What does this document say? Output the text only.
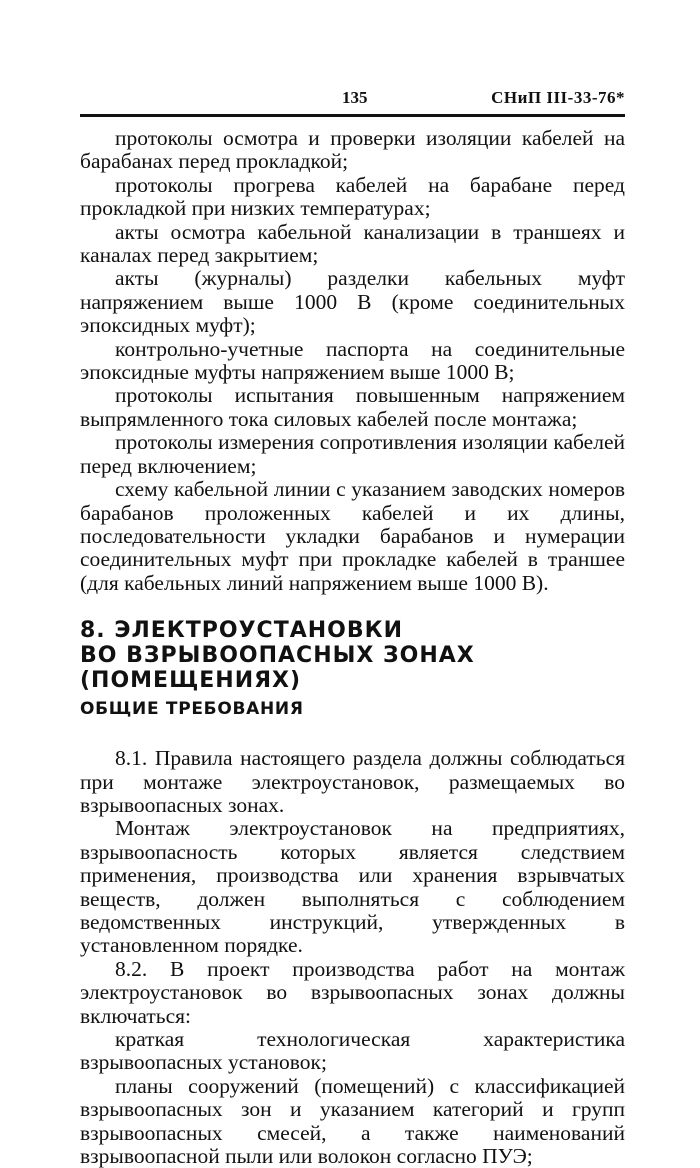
135	СНиП III-33-76*

протоколы осмотра и проверки изоляции кабелей на барабанах перед прокладкой;

протоколы прогрева кабелей на барабане перед прокладкой при низких температурах;

акты осмотра кабельной канализации в траншеях и каналах перед закрытием;

акты (журналы) разделки кабельных муфт напряжением выше 1000 В (кроме соединительных эпоксидных муфт);

контрольно-учетные паспорта на соединительные эпоксидные муфты напряжением выше 1000 В;

протоколы испытания повышенным напряжением выпрямленного тока силовых кабелей после монтажа;

протоколы измерения сопротивления изоляции кабелей перед включением;

схему кабельной линии с указанием заводских номеров барабанов проложенных кабелей и их длины, последовательности укладки барабанов и нумерации соединительных муфт при прокладке кабелей в траншее (для кабельных линий напряжением выше 1000 В).

8. ЭЛЕКТРОУСТАНОВКИ

ВО ВЗРЫВООПАСНЫХ ЗОНАХ (ПОМЕЩЕНИЯХ)

ОБЩИЕ ТРЕБОВАНИЯ

8.1. Правила настоящего раздела должны соблюдаться при монтаже электроустановок, размещаемых во взрывоопасных зонах.

Монтаж электроустановок на предприятиях, взрывоопасность которых является следствием применения, производства или хранения взрывчатых веществ, должен выполняться с соблюдением ведомственных инструкций, утвержденных в установленном порядке.

8.2. В проект производства работ на монтаж электроустановок во взрывоопасных зонах должны включаться:

краткая технологическая характеристика взрывоопасных установок;

планы сооружений (помещений) с классификацией взрывоопасных зон и указанием категорий и групп взрывоопасных смесей, а также наименований взрывоопасной пыли или волокон согласно ПУЭ;
